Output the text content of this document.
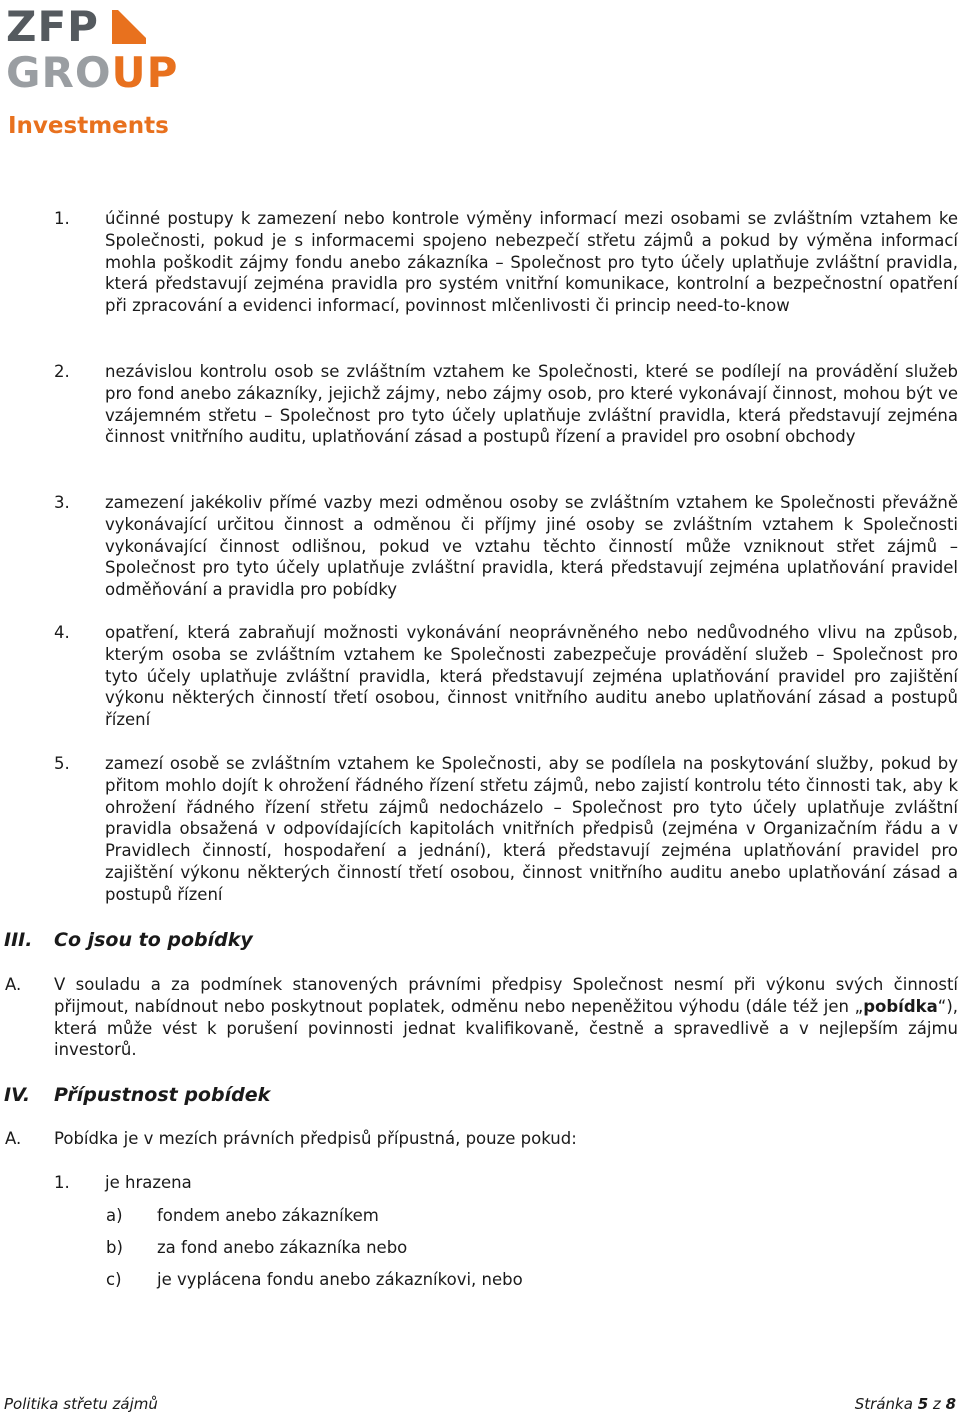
ZFP
GROUP
Investments
1. účinné postupy k zamezení nebo kontrole výměny informací mezi osobami se zvláštním vztahem ke Společnosti, pokud je s informacemi spojeno nebezpečí střetu zájmů a pokud by výměna informací mohla poškodit zájmy fondu anebo zákazníka – Společnost pro tyto účely uplatňuje zvláštní pravidla, která představují zejména pravidla pro systém vnitřní komunikace, kontrolní a bezpečnostní opatření při zpracování a evidenci informací, povinnost mlčenlivosti či princip need-to-know
2. nezávislou kontrolu osob se zvláštním vztahem ke Společnosti, které se podílejí na provádění služeb pro fond anebo zákazníky, jejichž zájmy, nebo zájmy osob, pro které vykonávají činnost, mohou být ve vzájemném střetu – Společnost pro tyto účely uplatňuje zvláštní pravidla, která představují zejména činnost vnitřního auditu, uplatňování zásad a postupů řízení a pravidel pro osobní obchody
3. zamezení jakékoliv přímé vazby mezi odměnou osoby se zvláštním vztahem ke Společnosti převážně vykonávající určitou činnost a odměnou či příjmy jiné osoby se zvláštním vztahem k Společnosti vykonávající činnost odlišnou, pokud ve vztahu těchto činností může vzniknout střet zájmů – Společnost pro tyto účely uplatňuje zvláštní pravidla, která představují zejména uplatňování pravidel odměňování a pravidla pro pobídky
4. opatření, která zabraňují možnosti vykonávání neoprávněného nebo nedůvodného vlivu na způsob, kterým osoba se zvláštním vztahem ke Společnosti zabezpečuje provádění služeb – Společnost pro tyto účely uplatňuje zvláštní pravidla, která představují zejména uplatňování pravidel pro zajištění výkonu některých činností třetí osobou, činnost vnitřního auditu anebo uplatňování zásad a postupů řízení
5. zamezí osobě se zvláštním vztahem ke Společnosti, aby se podílela na poskytování služby, pokud by přitom mohlo dojít k ohrožení řádného řízení střetu zájmů, nebo zajistí kontrolu této činnosti tak, aby k ohrožení řádného řízení střetu zájmů nedocházelo – Společnost pro tyto účely uplatňuje zvláštní pravidla obsažená v odpovídajících kapitolách vnitřních předpisů (zejména v Organizačním řádu a v Pravidlech činností, hospodaření a jednání), která představují zejména uplatňování pravidel pro zajištění výkonu některých činností třetí osobou, činnost vnitřního auditu anebo uplatňování zásad a postupů řízení
III. Co jsou to pobídky
A. V souladu a za podmínek stanovených právními předpisy Společnost nesmí při výkonu svých činností přijmout, nabídnout nebo poskytnout poplatek, odměnu nebo nepeněžitou výhodu (dále též jen „pobídka“), která může vést k porušení povinnosti jednat kvalifikovaně, čestně a spravedlivě a v nejlepším zájmu investorů.
IV. Přípustnost pobídek
A. Pobídka je v mezích právních předpisů přípustná, pouze pokud:
1. je hrazena
a) fondem anebo zákazníkem
b) za fond anebo zákazníka nebo
c) je vyplácena fondu anebo zákazníkovi, nebo
Politika střetu zájmů	Stránka 5 z 8
